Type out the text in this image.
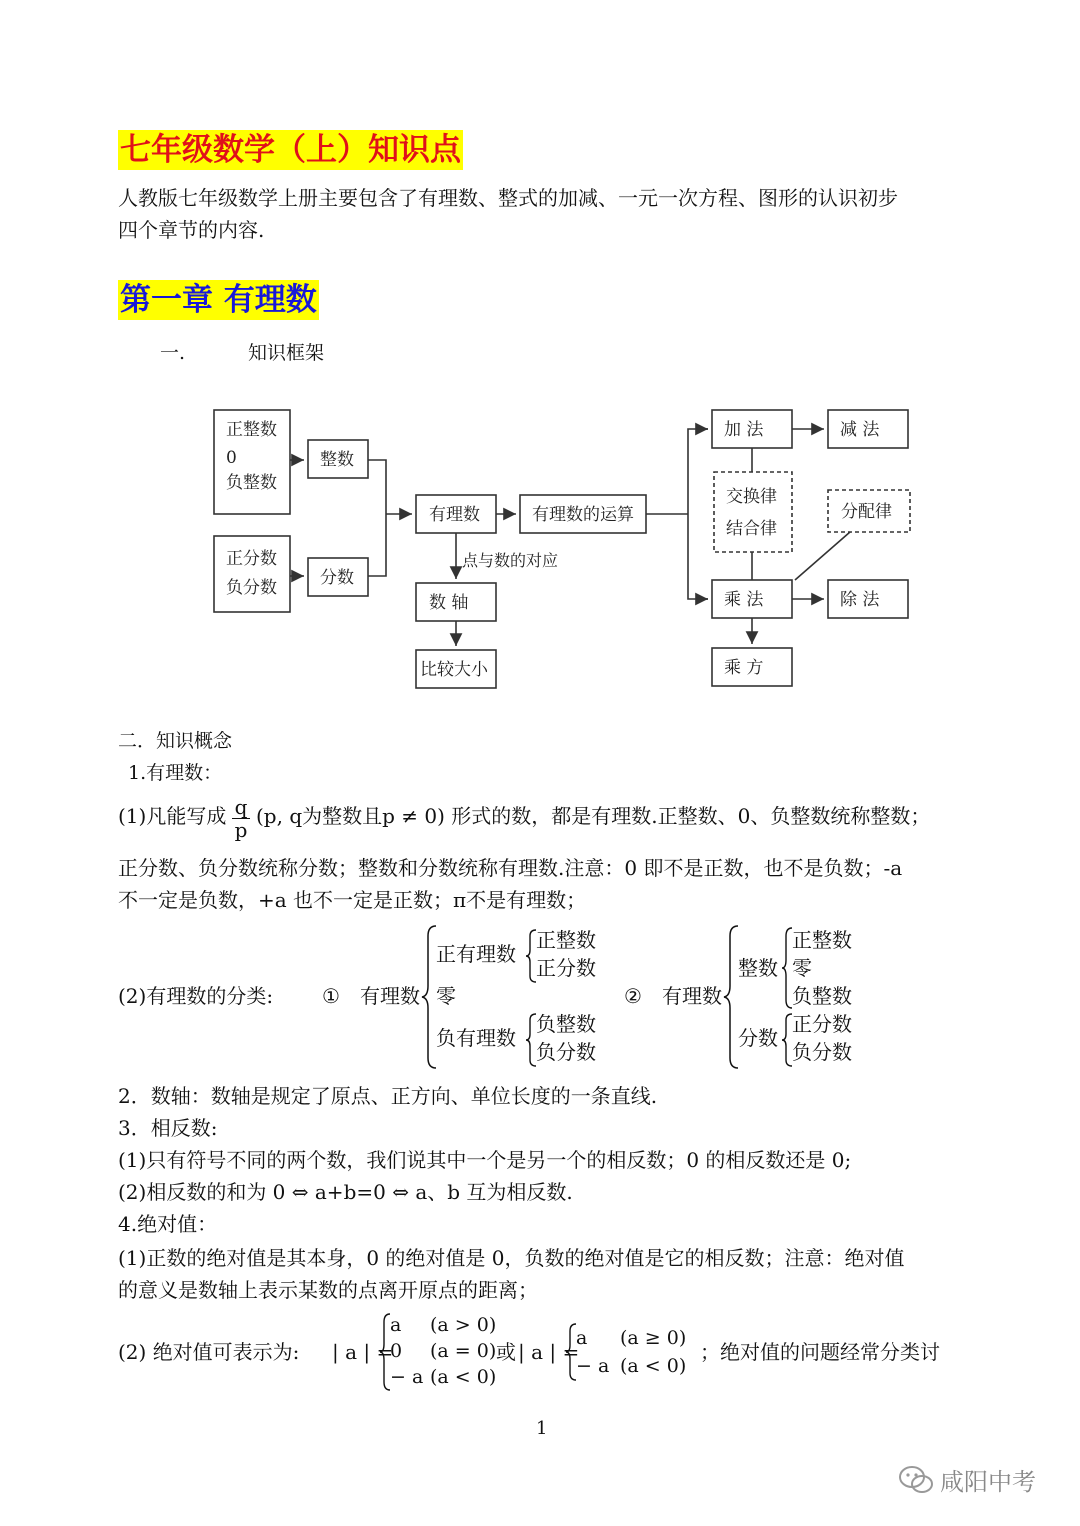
七年级数学（上）知识点
人教版七年级数学上册主要包含了有理数、整式的加减、一元一次方程、图形的认识初步
四个章节的内容.
第一章 有理数
一.	知识框架
正整数
0
负整数
整数
正分数
负分数	分数
有理数	有理数的运算
点与数的对应
数 轴
比较大小
加 法	减 法
交换律
结合律
分配律
乘 法	除 法
乘 方
二．知识概念
1.有理数：
(1)凡能写成 $\frac{q}{p} (p$, q为整数且p ≠ 0) 形式的数，都是有理数.正整数、0、负整数统称整数；
正分数、负分数统称分数；整数和分数统称有理数.注意：0 即不是正数，也不是负数；-a
不一定是负数，+a 也不一定是正数；π不是有理数；
(2)有理数的分类: ① 有理数
正有理数
正整数
正分数
零
负有理数
负整数
负分数
② 有理数
整数
正整数
零
负整数
分数
正分数
负分数
2．数轴：数轴是规定了原点、正方向、单位长度的一条直线.
3．相反数:
(1)只有符号不同的两个数，我们说其中一个是另一个的相反数；0 的相反数还是 0;
(2)相反数的和为 0 ⇔ a+b=0 ⇔ a、b 互为相反数.
4.绝对值：
(1)正数的绝对值是其本身，0 的绝对值是 0，负数的绝对值是它的相反数；注意：绝对值
的意义是数轴上表示某数的点离开原点的距离；
(2) 绝对值可表示为: | a | =
a (a > 0)
0 (a = 0)
− a (a < 0)
或 | a | =
a (a ≥ 0)
− a (a < 0)
；绝对值的问题经常分类讨
1
咸阳中考
